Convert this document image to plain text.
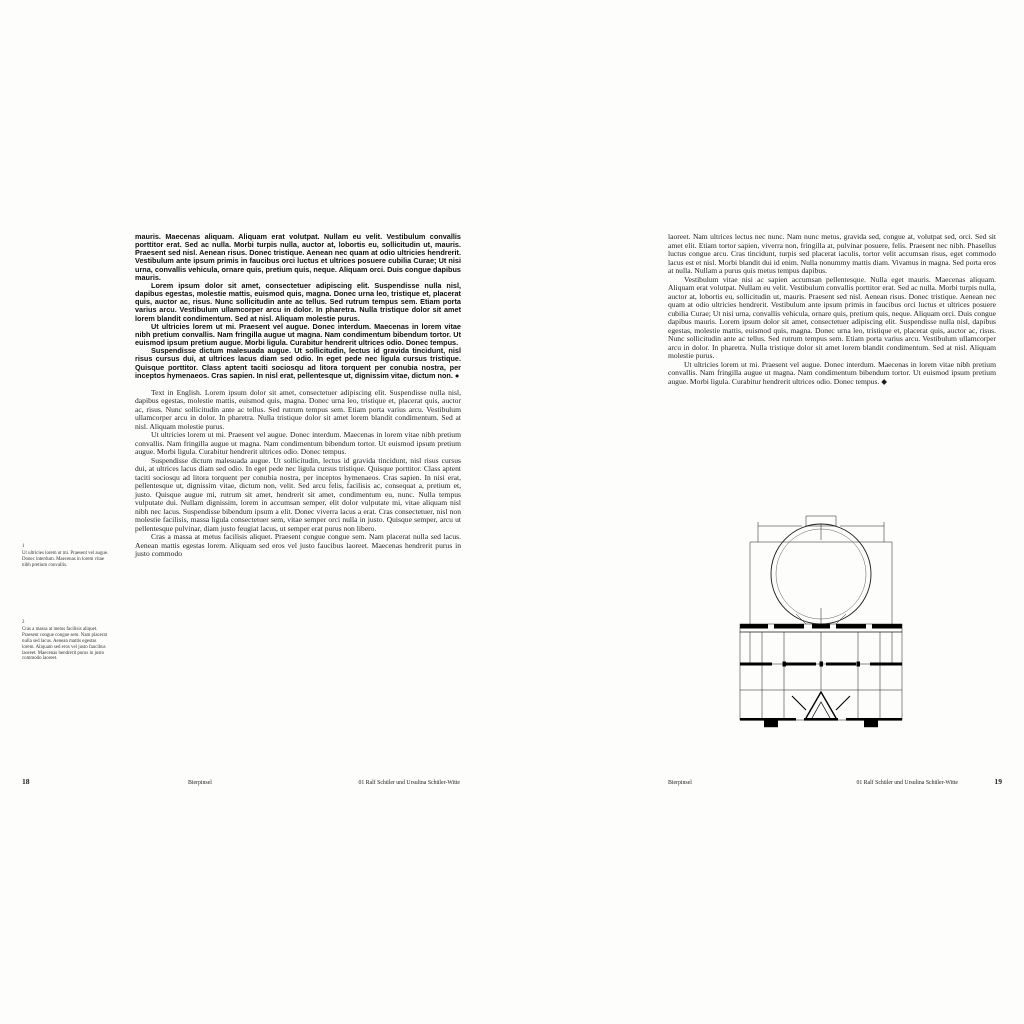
1
Ut ultricies lorem ut mi. Praesent vel augue. Donec interdum. Maecenas in lorem vitae nibh pretium convallis.
2
Cras a massa at metus facilisis aliquet. Praesent congue congue sem. Nam placerat nulla sed lacus. Aenean mattis egestas lorem. Aliquam sed eros vel justo faucibus laoreet. Maecenas hendrerit purus in justo commodo laoreet.

mauris. Maecenas aliquam. Aliquam erat volutpat. Nullam eu velit. Vestibulum convallis porttitor erat. Sed ac nulla. Morbi turpis nulla, auctor at, lobortis eu, sollicitudin ut, mauris. Praesent sed nisl. Aenean risus. Donec tristique. Aenean nec quam at odio ultricies hendrerit. Vestibulum ante ipsum primis in faucibus orci luctus et ultrices posuere cubilia Curae; Ut nisi urna, convallis vehicula, ornare quis, pretium quis, neque. Aliquam orci. Duis congue dapibus mauris.

Lorem ipsum dolor sit amet, consectetuer adipiscing elit. Suspendisse nulla nisl, dapibus egestas, molestie mattis, euismod quis, magna. Donec urna leo, tristique et, placerat quis, auctor ac, risus. Nunc sollicitudin ante ac tellus. Sed rutrum tempus sem. Etiam porta varius arcu. Vestibulum ullamcorper arcu in dolor. In pharetra. Nulla tristique dolor sit amet lorem blandit condimentum. Sed at nisl. Aliquam molestie purus.

Ut ultricies lorem ut mi. Praesent vel augue. Donec interdum. Maecenas in lorem vitae nibh pretium convallis. Nam fringilla augue ut magna. Nam condimentum bibendum tortor. Ut euismod ipsum pretium augue. Morbi ligula. Curabitur hendrerit ultrices odio. Donec tempus.

Suspendisse dictum malesuada augue. Ut sollicitudin, lectus id gravida tincidunt, nisl risus cursus dui, at ultrices lacus diam sed odio. In eget pede nec ligula cursus tristique. Quisque porttitor. Class aptent taciti sociosqu ad litora torquent per conubia nostra, per inceptos hymenaeos. Cras sapien. In nisl erat, pellentesque ut, dignissim vitae, dictum non. ●

Text in English. Lorem ipsum dolor sit amet, consectetuer adipiscing elit. Suspendisse nulla nisl, dapibus egestas, molestie mattis, euismod quis, magna. Donec urna leo, tristique et, placerat quis, auctor ac, risus. Nunc sollicitudin ante ac tellus. Sed rutrum tempus sem. Etiam porta varius arcu. Vestibulum ullamcorper arcu in dolor. In pharetra. Nulla tristique dolor sit amet lorem blandit condimentum. Sed at nisl. Aliquam molestie purus.

Ut ultricies lorem ut mi. Praesent vel augue. Donec interdum. Maecenas in lorem vitae nibh pretium convallis. Nam fringilla augue ut magna. Nam condimentum bibendum tortor. Ut euismod ipsum pretium augue. Morbi ligula. Curabitur hendrerit ultrices odio. Donec tempus.

Suspendisse dictum malesuada augue. Ut sollicitudin, lectus id gravida tincidunt, nisl risus cursus dui, at ultrices lacus diam sed odio. In eget pede nec ligula cursus tristique. Quisque porttitor. Class aptent taciti sociosqu ad litora torquent per conubia nostra, per inceptos hymenaeos. Cras sapien. In nisi erat, pellentesque ut, dignissim vitae, dictum non, velit. Sed arcu felis, facilisis ac, consequat a, pretium et, justo. Quisque augue mi, rutrum sit amet, hendrerit sit amet, condimentum eu, nunc. Nulla tempus vulputate dui. Nullam dignissim, lorem in accumsan semper, elit dolor vulputate mi, vitae aliquam nisl nibh nec lacus. Suspendisse bibendum ipsum a elit. Donec viverra lacus a erat. Cras consectetuer, nisl non molestie facilisis, massa ligula consectetuer sem, vitae semper orci nulla in justo. Quisque semper, arcu ut pellentesque pulvinar, diam justo feugiat lacus, ut semper erat purus non libero.

Cras a massa at metus facilisis aliquet. Praesent congue congue sem. Nam placerat nulla sed lacus. Aenean mattis egestas lorem. Aliquam sed eros vel justo faucibus laoreet. Maecenas hendrerit purus in justo commodo

laoreet. Nam ultrices lectus nec nunc. Nam nunc metus, gravida sed, congue at, volutpat sed, orci. Sed sit amet elit. Etiam tortor sapien, viverra non, fringilla at, pulvinar posuere, felis. Praesent nec nibh. Phasellus luctus congue arcu. Cras tincidunt, turpis sed placerat iaculis, tortor velit accumsan risus, eget commodo lacus est et nisl. Morbi blandit dui id enim. Nulla nonummy mattis diam. Vivamus in magna. Sed porta eros at nulla. Nullam a purus quis metus tempus dapibus.

Vestibulum vitae nisi ac sapien accumsan pellentesque. Nulla eget mauris. Maecenas aliquam. Aliquam erat volutpat. Nullam eu velit. Vestibulum convallis porttitor erat. Sed ac nulla. Morbi turpis nulla, auctor at, lobortis eu, sollicitudin ut, mauris. Praesent sed nisl. Aenean risus. Donec tristique. Aenean nec quam at odio ultricies hendrerit. Vestibulum ante ipsum primis in faucibus orci luctus et ultrices posuere cubilia Curae; Ut nisi urna, convallis vehicula, ornare quis, pretium quis, neque. Aliquam orci. Duis congue dapibus mauris. Lorem ipsum dolor sit amet, consectetuer adipiscing elit. Suspendisse nulla nisl, dapibus egestas, molestie mattis, euismod quis, magna. Donec urna leo, tristique et, placerat quis, auctor ac, risus. Nunc sollicitudin ante ac tellus. Sed rutrum tempus sem. Etiam porta varius arcu. Vestibulum ullamcorper arcu in dolor. In pharetra. Nulla tristique dolor sit amet lorem blandit condimentum. Sed at nisl. Aliquam molestie purus.

Ut ultricies lorem ut mi. Praesent vel augue. Donec interdum. Maecenas in lorem vitae nibh pretium convallis. Nam fringilla augue ut magna. Nam condimentum bibendum tortor. Ut euismod ipsum pretium augue. Morbi ligula. Curabitur hendrerit ultrices odio. Donec tempus. ◆

18	Bierpinsel	01 Ralf Schüler und Ursulina Schüler-Witte	Bierpinsel	01 Ralf Schüler und Ursulina Schüler-Witte	19
